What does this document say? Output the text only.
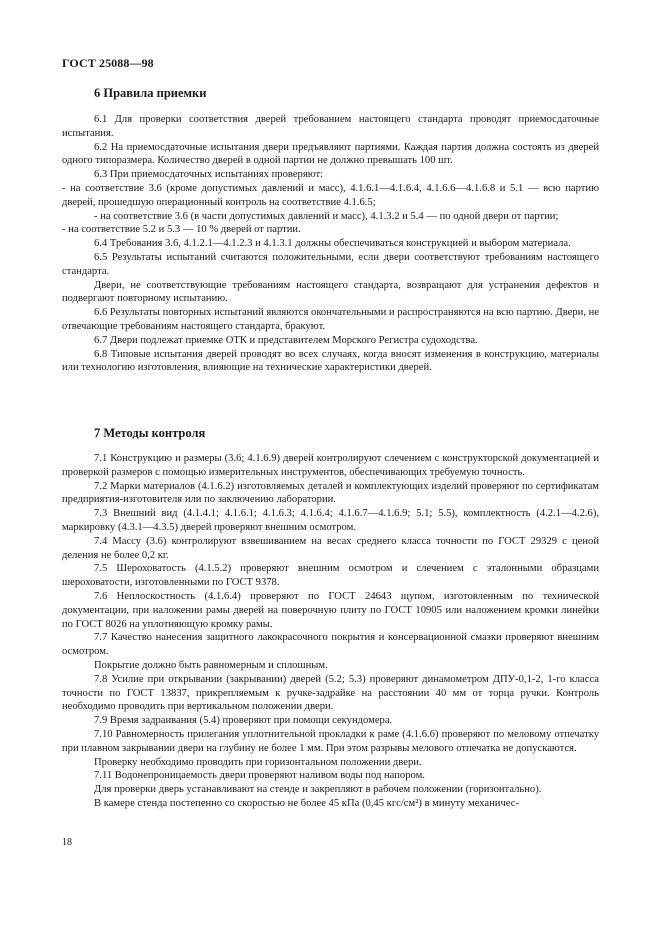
ГОСТ 25088—98
6 Правила приемки

6.1 Для проверки соответствия дверей требованием настоящего стандарта проводят приемосдаточные испытания.

6.2 На приемосдаточные испытания двери предъявляют партиями. Каждая партия должна состоять из дверей одного типоразмера. Количество дверей в одной партии не должно превышать 100 шт.

6.3 При приемосдаточных испытаниях проверяют:

- на соответствие 3.6 (кроме допустимых давлений и масс), 4.1.6.1—4.1.6.4, 4.1.6.6—4.1.6.8 и 5.1 — всю партию дверей, прошедшую операционный контроль на соответствие 4.1.6.5;

- на соответствие 3.6 (в части допустимых давлений и масс), 4.1.3.2 и 5.4 — по одной двери от партии;

- на соответствие 5.2 и 5.3 — 10 % дверей от партии.

6.4 Требования 3.6, 4.1.2.1—4.1.2.3 и 4.1.3.1 должны обеспечиваться конструкцией и выбором материала.

6.5 Результаты испытаний считаются положительными, если двери соответствуют требованиям настоящего стандарта.

Двери, не соответствующие требованиям настоящего стандарта, возвращают для устранения дефектов и подвергают повторному испытанию.

6.6 Результаты повторных испытаний являются окончательными и распространяются на всю партию. Двери, не отвечающие требованиям настоящего стандарта, бракуют.

6.7 Двери подлежат приемке ОТК и представителем Морского Регистра судоходства.

6.8 Типовые испытания дверей проводят во всех случаях, когда вносят изменения в конструкцию, материалы или технологию изготовления, влияющие на технические характеристики дверей.

7 Методы контроля

7.1 Конструкцию и размеры (3.6; 4.1.6.9) дверей контролируют слечением с конструкторской документацией и проверкой размеров с помощью измерительных инструментов, обеспечивающих требуемую точность.

7.2 Марки материалов (4.1.6.2) изготовляемых деталей и комплектующих изделий проверяют по сертификатам предприятия-изготовителя или по заключению лаборатории.

7.3 Внешний вид (4.1.4.1; 4.1.6.1; 4.1.6.3; 4.1.6.4; 4.1.6.7—4.1.6.9; 5.1; 5.5), комплектность (4.2.1—4.2.6), маркировку (4.3.1—4.3.5) дверей проверяют внешним осмотром.

7.4 Массу (3.6) контролируют взвешиванием на весах среднего класса точности по ГОСТ 29329 с ценой деления не более 0,2 кг.

7.5 Шероховатость (4.1.5.2) проверяют внешним осмотром и слечением с эталонными образцами шероховатости, изготовленными по ГОСТ 9378.

7.6 Неплоскостность (4.1.6.4) проверяют по ГОСТ 24643 щупом, изготовленным по технической документации, при наложении рамы дверей на поверочную плиту по ГОСТ 10905 или наложением кромки линейки по ГОСТ 8026 на уплотняющую кромку рамы.

7.7 Качество нанесения защитного лакокрасочного покрытия и консервационной смазки проверяют внешним осмотром.

Покрытие должно быть равномерным и сплошным.

7.8 Усилие при открывании (закрывании) дверей (5.2; 5.3) проверяют динамометром ДПУ-0,1-2, 1-го класса точности по ГОСТ 13837, прикрепляемым к ручке-задрайке на расстоянии 40 мм от торца ручки. Контроль необходимо проводить при вертикальном положении двери.

7.9 Время задраивания (5.4) проверяют при помощи секундомера.

7.10 Равномерность прилегания уплотнительной прокладки к раме (4.1.6.6) проверяют по меловому отпечатку при плавном закрывании двери на глубину не более 1 мм. При этом разрывы мелового отпечатка не допускаются.

Проверку необходимо проводить при горизонтальном положении двери.

7.11 Водонепроницаемость двери проверяют наливом воды под напором.

Для проверки дверь устанавливают на стенде и закрепляют в рабочем положении (горизонтально).

В камере стенда постепенно со скоростью не более 45 кПа (0,45 кгс/см²) в минуту механичес-

18
